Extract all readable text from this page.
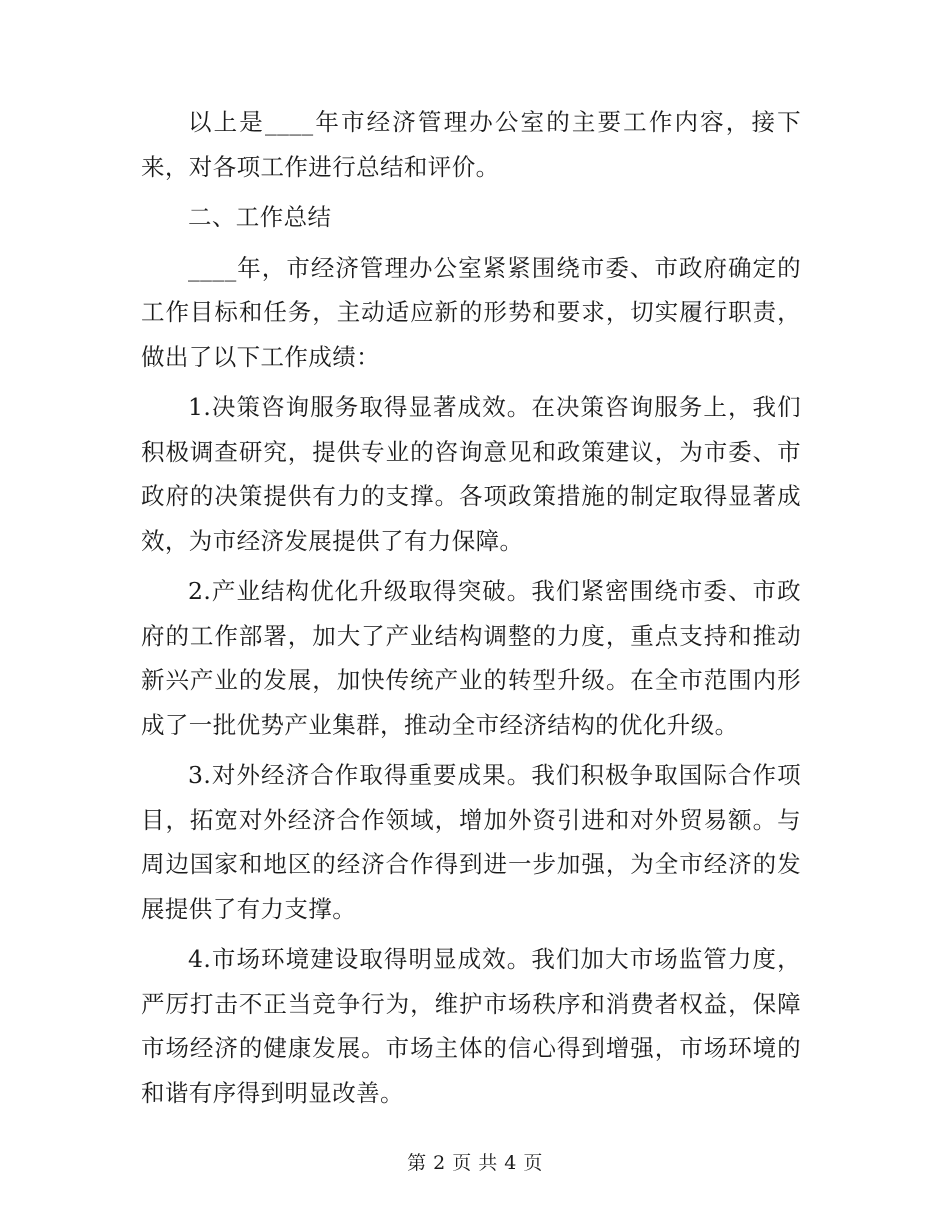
以上是____年市经济管理办公室的主要工作内容，接下来，对各项工作进行总结和评价。

二、工作总结

____年，市经济管理办公室紧紧围绕市委、市政府确定的工作目标和任务，主动适应新的形势和要求，切实履行职责，做出了以下工作成绩：

1.决策咨询服务取得显著成效。在决策咨询服务上，我们积极调查研究，提供专业的咨询意见和政策建议，为市委、市政府的决策提供有力的支撑。各项政策措施的制定取得显著成效，为市经济发展提供了有力保障。

2.产业结构优化升级取得突破。我们紧密围绕市委、市政府的工作部署，加大了产业结构调整的力度，重点支持和推动新兴产业的发展，加快传统产业的转型升级。在全市范围内形成了一批优势产业集群，推动全市经济结构的优化升级。

3.对外经济合作取得重要成果。我们积极争取国际合作项目，拓宽对外经济合作领域，增加外资引进和对外贸易额。与周边国家和地区的经济合作得到进一步加强，为全市经济的发展提供了有力支撑。

4.市场环境建设取得明显成效。我们加大市场监管力度，严厉打击不正当竞争行为，维护市场秩序和消费者权益，保障市场经济的健康发展。市场主体的信心得到增强，市场环境的和谐有序得到明显改善。

第 2 页 共 4 页
